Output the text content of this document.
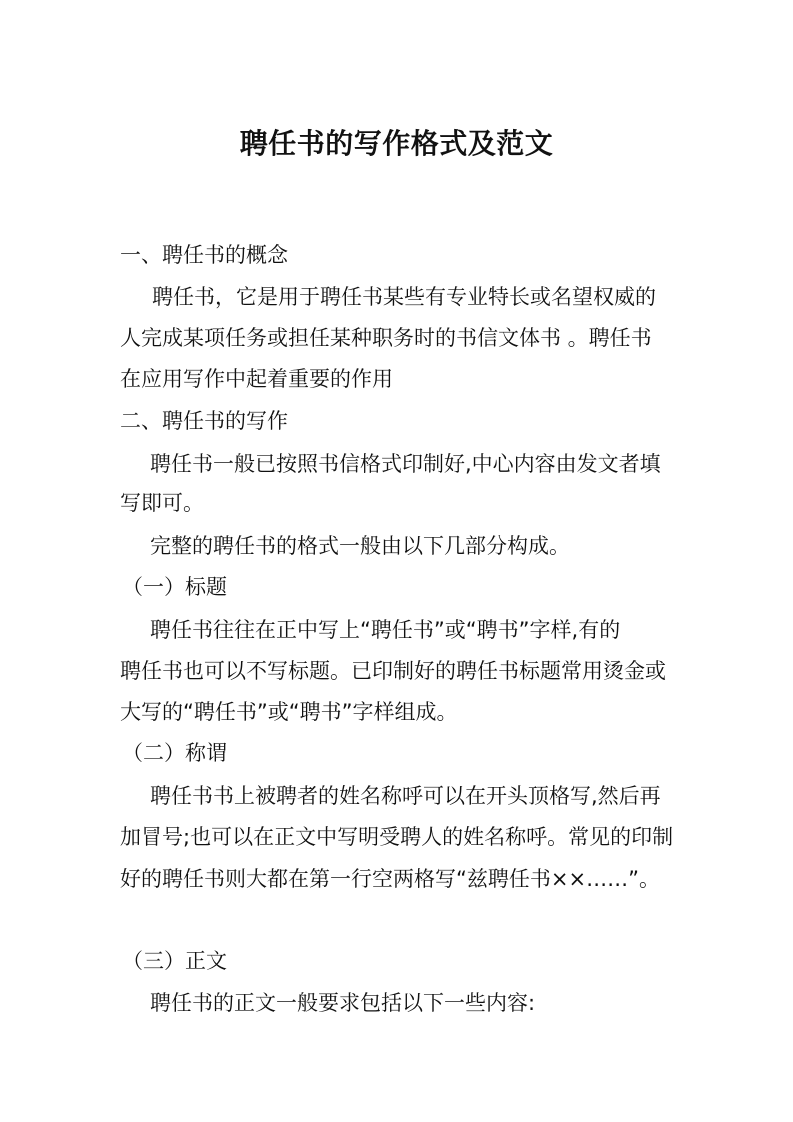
聘任书的写作格式及范文
一、聘任书的概念
聘任书，它是用于聘任书某些有专业特长或名望权威的
人完成某项任务或担任某种职务时的书信文体书 。聘任书
在应用写作中起着重要的作用
二、聘任书的写作
聘任书一般已按照书信格式印制好,中心内容由发文者填
写即可。
完整的聘任书的格式一般由以下几部分构成。
（一）标题
聘任书往往在正中写上“聘任书”或“聘书”字样,有的
聘任书也可以不写标题。已印制好的聘任书标题常用烫金或
大写的“聘任书”或“聘书”字样组成。
（二）称谓
聘任书书上被聘者的姓名称呼可以在开头顶格写,然后再
加冒号;也可以在正文中写明受聘人的姓名称呼。常见的印制
好的聘任书则大都在第一行空两格写“兹聘任书××……”。
（三）正文
聘任书的正文一般要求包括以下一些内容:
